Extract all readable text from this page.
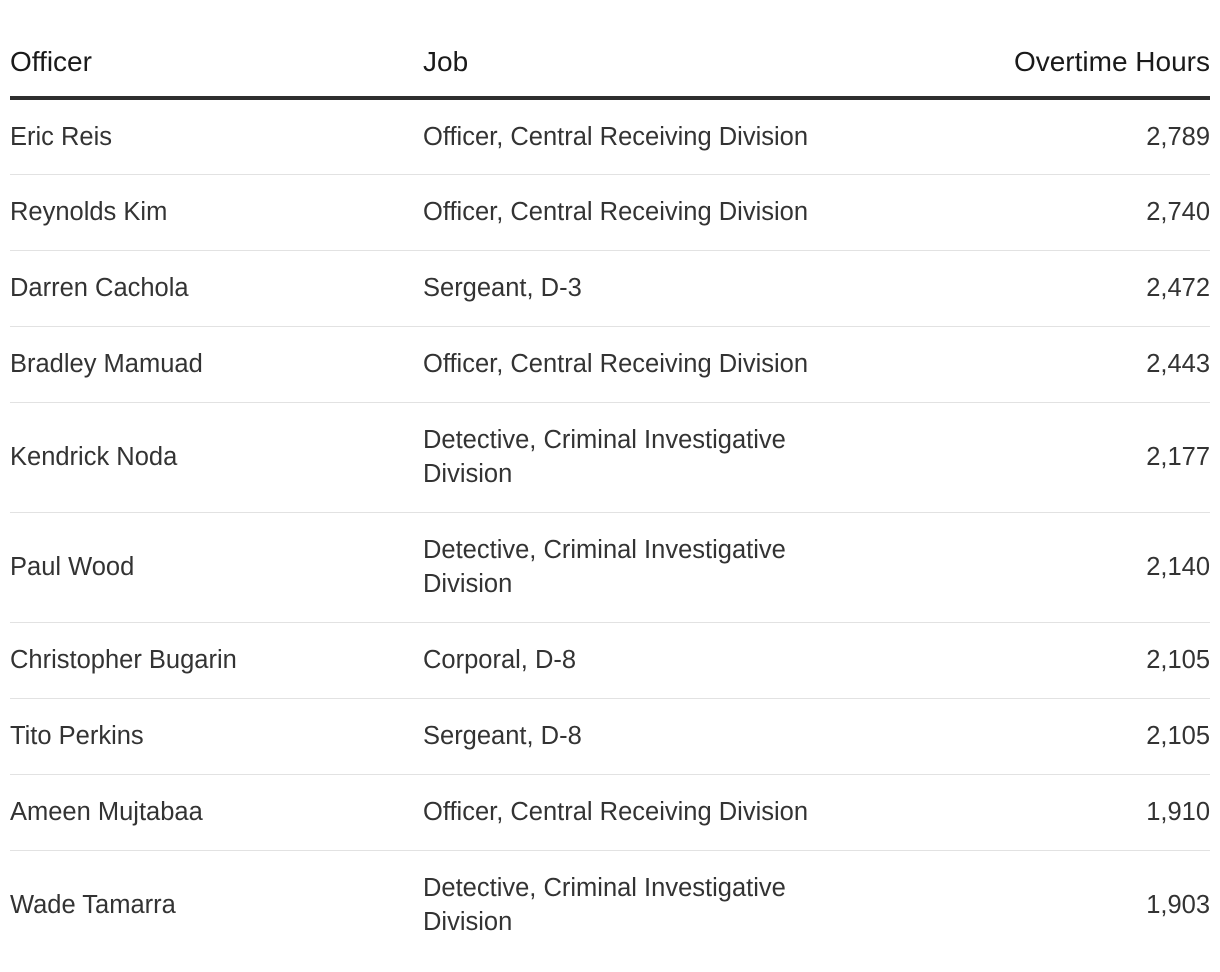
Officer	Job	Overtime Hours
Eric Reis	Officer, Central Receiving Division	2,789
Reynolds Kim	Officer, Central Receiving Division	2,740
Darren Cachola	Sergeant, D-3	2,472
Bradley Mamuad	Officer, Central Receiving Division	2,443
Kendrick Noda	Detective, Criminal Investigative Division	2,177
Paul Wood	Detective, Criminal Investigative Division	2,140
Christopher Bugarin	Corporal, D-8	2,105
Tito Perkins	Sergeant, D-8	2,105
Ameen Mujtabaa	Officer, Central Receiving Division	1,910
Wade Tamarra	Detective, Criminal Investigative Division	1,903
